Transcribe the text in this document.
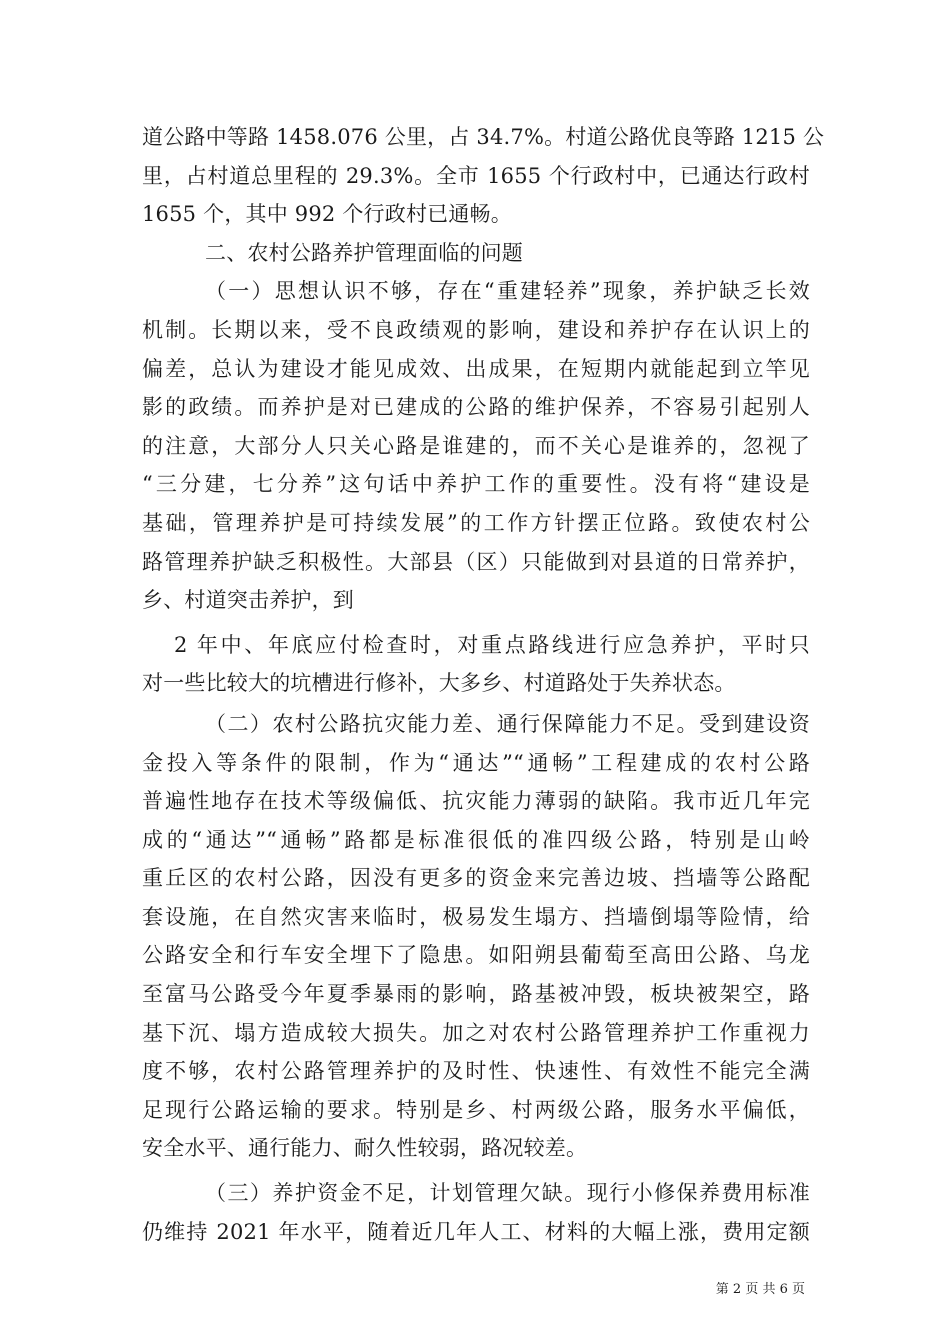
道公路中等路 1458.076 公里，占 34.7%。村道公路优良等路 1215 公
里，占村道总里程的 29.3%。全市 1655 个行政村中，已通达行政村
1655 个，其中 992 个行政村已通畅。
二、农村公路养护管理面临的问题
（一）思想认识不够，存在“重建轻养”现象，养护缺乏长效
机制。长期以来，受不良政绩观的影响，建设和养护存在认识上的
偏差，总认为建设才能见成效、出成果，在短期内就能起到立竿见
影的政绩。而养护是对已建成的公路的维护保养，不容易引起别人
的注意，大部分人只关心路是谁建的，而不关心是谁养的，忽视了
“三分建，七分养”这句话中养护工作的重要性。没有将“建设是
基础，管理养护是可持续发展”的工作方针摆正位路。致使农村公
路管理养护缺乏积极性。大部县（区）只能做到对县道的日常养护，
乡、村道突击养护，到
2 年中、年底应付检查时，对重点路线进行应急养护，平时只
对一些比较大的坑槽进行修补，大多乡、村道路处于失养状态。
（二）农村公路抗灾能力差、通行保障能力不足。受到建设资
金投入等条件的限制，作为“通达”“通畅”工程建成的农村公路
普遍性地存在技术等级偏低、抗灾能力薄弱的缺陷。我市近几年完
成的“通达”“通畅”路都是标准很低的准四级公路，特别是山岭
重丘区的农村公路，因没有更多的资金来完善边坡、挡墙等公路配
套设施，在自然灾害来临时，极易发生塌方、挡墙倒塌等险情，给
公路安全和行车安全埋下了隐患。如阳朔县葡萄至高田公路、乌龙
至富马公路受今年夏季暴雨的影响，路基被冲毁，板块被架空，路
基下沉、塌方造成较大损失。加之对农村公路管理养护工作重视力
度不够，农村公路管理养护的及时性、快速性、有效性不能完全满
足现行公路运输的要求。特别是乡、村两级公路，服务水平偏低，
安全水平、通行能力、耐久性较弱，路况较差。
（三）养护资金不足，计划管理欠缺。现行小修保养费用标准
仍维持 2021 年水平，随着近几年人工、材料的大幅上涨，费用定额
第 2 页 共 6 页
